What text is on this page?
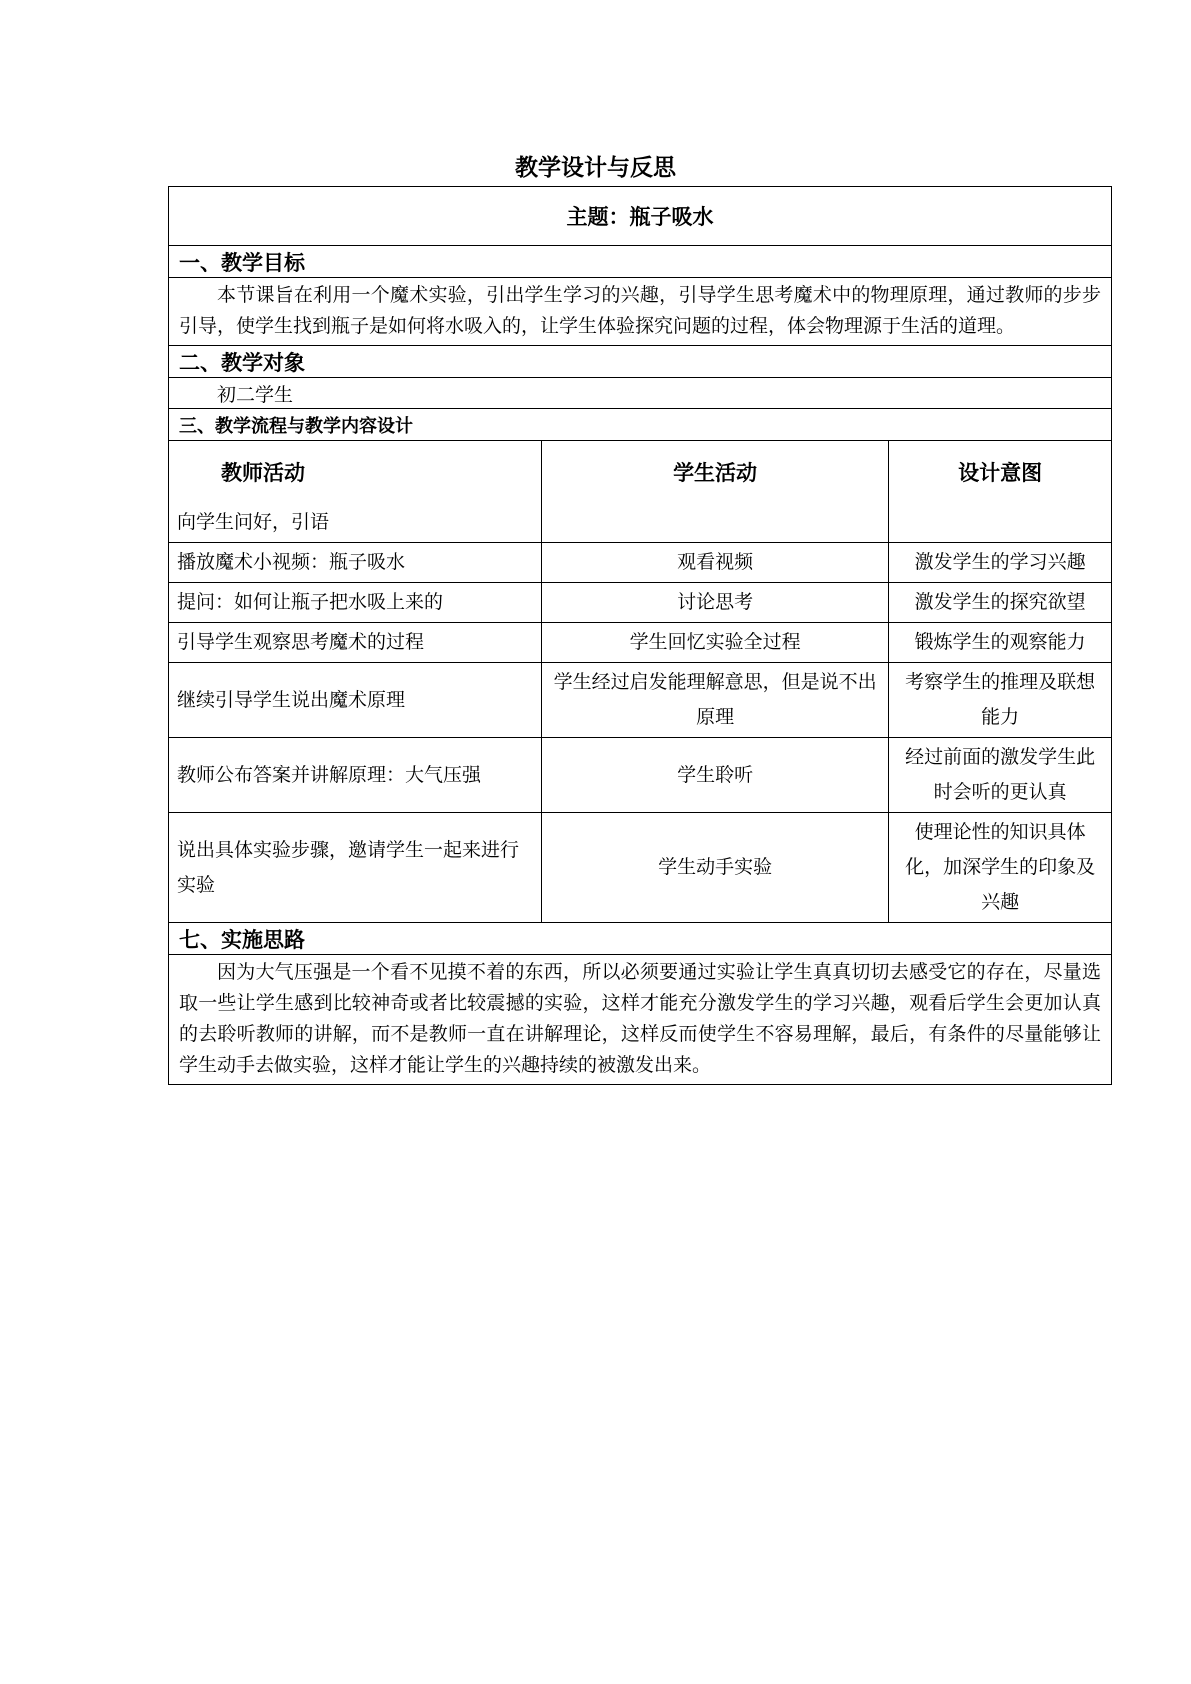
教学设计与反思
主题：瓶子吸水
一、教学目标
本节课旨在利用一个魔术实验，引出学生学习的兴趣，引导学生思考魔术中的物理原理，通过教师的步步引导，使学生找到瓶子是如何将水吸入的，让学生体验探究问题的过程，体会物理源于生活的道理。
二、教学对象
初二学生
三、教学流程与教学内容设计
教师活动	学生活动	设计意图
向学生问好，引语		
播放魔术小视频：瓶子吸水	观看视频	激发学生的学习兴趣
提问：如何让瓶子把水吸上来的	讨论思考	激发学生的探究欲望
引导学生观察思考魔术的过程	学生回忆实验全过程	锻炼学生的观察能力
继续引导学生说出魔术原理	学生经过启发能理解意思，但是说不出原理	考察学生的推理及联想能力
教师公布答案并讲解原理：大气压强	学生聆听	经过前面的激发学生此时会听的更认真
说出具体实验步骤，邀请学生一起来进行实验	学生动手实验	使理论性的知识具体化，加深学生的印象及兴趣
七、实施思路
因为大气压强是一个看不见摸不着的东西，所以必须要通过实验让学生真真切切去感受它的存在，尽量选取一些让学生感到比较神奇或者比较震撼的实验，这样才能充分激发学生的学习兴趣，观看后学生会更加认真的去聆听教师的讲解，而不是教师一直在讲解理论，这样反而使学生不容易理解，最后，有条件的尽量能够让学生动手去做实验，这样才能让学生的兴趣持续的被激发出来。
